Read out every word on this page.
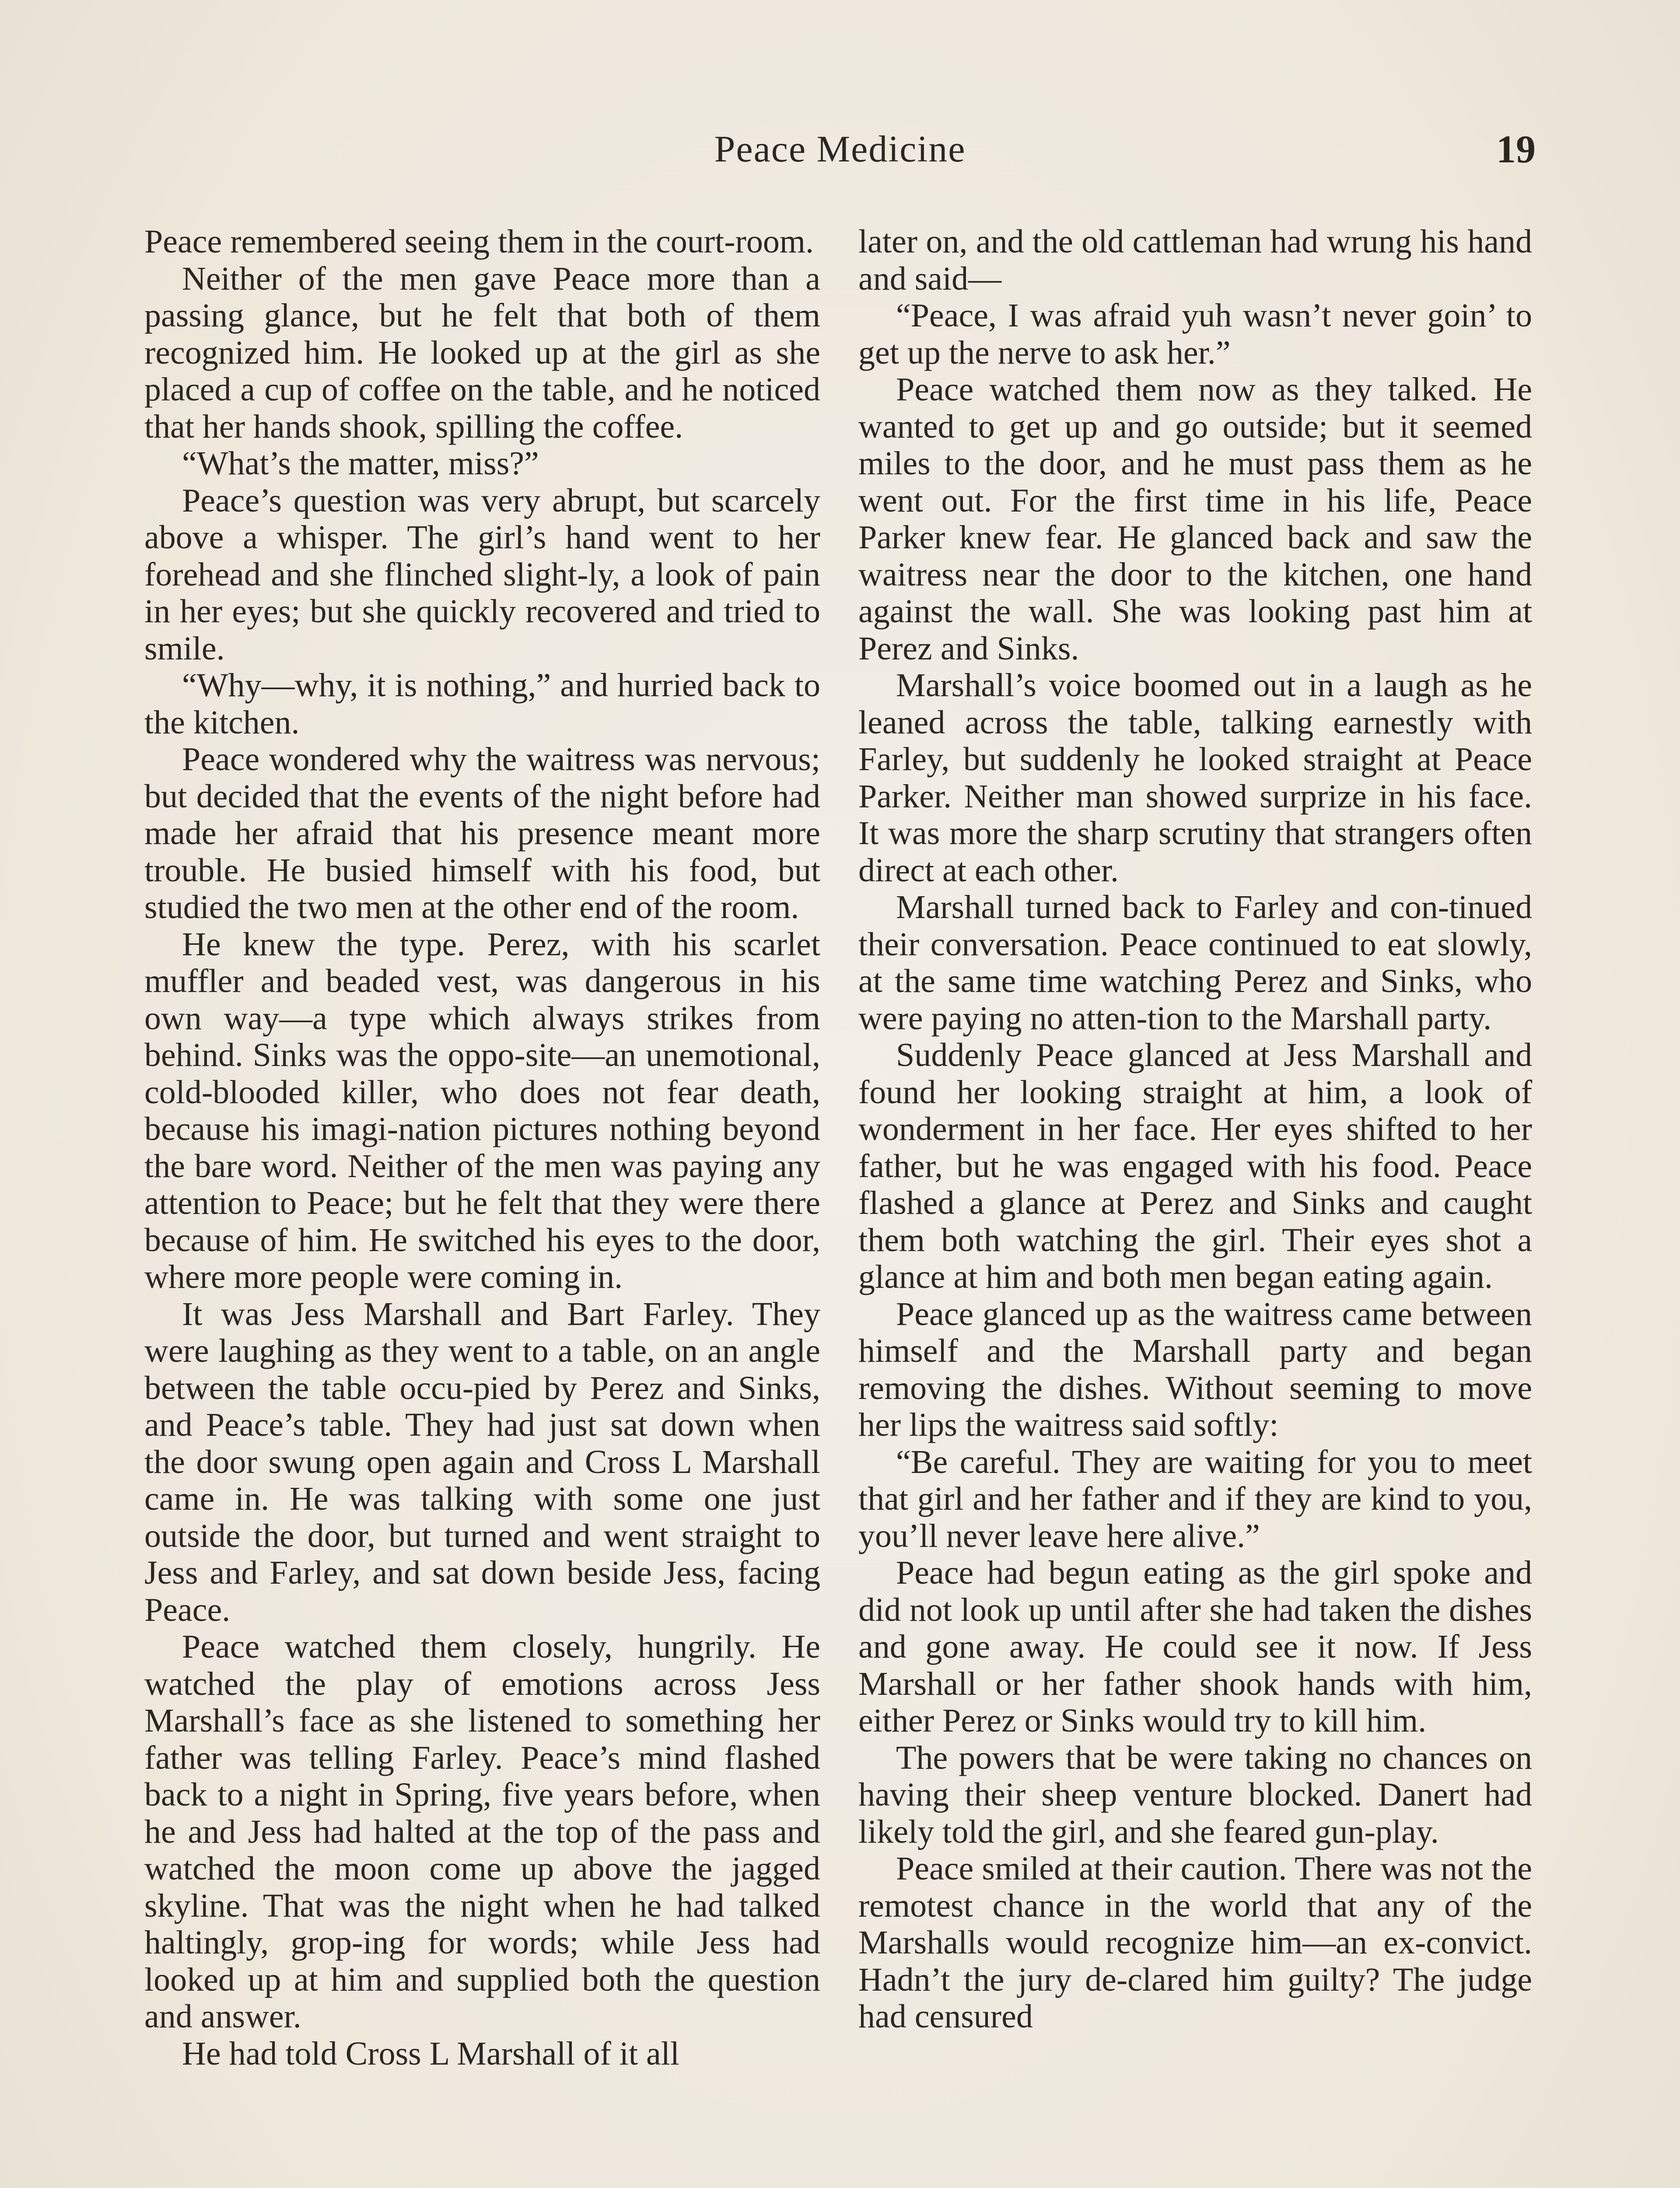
Peace Medicine	19

Peace remembered seeing them in the court-room.

Neither of the men gave Peace more than a passing glance, but he felt that both of them recognized him. He looked up at the girl as she placed a cup of coffee on the table, and he noticed that her hands shook, spilling the coffee.

“What’s the matter, miss?”

Peace’s question was very abrupt, but scarcely above a whisper. The girl’s hand went to her forehead and she flinched slight-ly, a look of pain in her eyes; but she quickly recovered and tried to smile.

“Why—why, it is nothing,” and hurried back to the kitchen.

Peace wondered why the waitress was nervous; but decided that the events of the night before had made her afraid that his presence meant more trouble. He busied himself with his food, but studied the two men at the other end of the room.

He knew the type. Perez, with his scarlet muffler and beaded vest, was dangerous in his own way—a type which always strikes from behind. Sinks was the oppo-site—an unemotional, cold-blooded killer, who does not fear death, because his imagi-nation pictures nothing beyond the bare word. Neither of the men was paying any attention to Peace; but he felt that they were there because of him. He switched his eyes to the door, where more people were coming in.

It was Jess Marshall and Bart Farley. They were laughing as they went to a table, on an angle between the table occu-pied by Perez and Sinks, and Peace’s table. They had just sat down when the door swung open again and Cross L Marshall came in. He was talking with some one just outside the door, but turned and went straight to Jess and Farley, and sat down beside Jess, facing Peace.

Peace watched them closely, hungrily. He watched the play of emotions across Jess Marshall’s face as she listened to something her father was telling Farley. Peace’s mind flashed back to a night in Spring, five years before, when he and Jess had halted at the top of the pass and watched the moon come up above the jagged skyline. That was the night when he had talked haltingly, grop-ing for words; while Jess had looked up at him and supplied both the question and answer.

He had told Cross L Marshall of it all

later on, and the old cattleman had wrung his hand and said—

“Peace, I was afraid yuh wasn’t never goin’ to get up the nerve to ask her.”

Peace watched them now as they talked. He wanted to get up and go outside; but it seemed miles to the door, and he must pass them as he went out. For the first time in his life, Peace Parker knew fear. He glanced back and saw the waitress near the door to the kitchen, one hand against the wall. She was looking past him at Perez and Sinks.

Marshall’s voice boomed out in a laugh as he leaned across the table, talking earnestly with Farley, but suddenly he looked straight at Peace Parker. Neither man showed surprize in his face. It was more the sharp scrutiny that strangers often direct at each other.

Marshall turned back to Farley and con-tinued their conversation. Peace continued to eat slowly, at the same time watching Perez and Sinks, who were paying no atten-tion to the Marshall party.

Suddenly Peace glanced at Jess Marshall and found her looking straight at him, a look of wonderment in her face. Her eyes shifted to her father, but he was engaged with his food. Peace flashed a glance at Perez and Sinks and caught them both watching the girl. Their eyes shot a glance at him and both men began eating again.

Peace glanced up as the waitress came between himself and the Marshall party and began removing the dishes. Without seeming to move her lips the waitress said softly:

“Be careful. They are waiting for you to meet that girl and her father and if they are kind to you, you’ll never leave here alive.”

Peace had begun eating as the girl spoke and did not look up until after she had taken the dishes and gone away. He could see it now. If Jess Marshall or her father shook hands with him, either Perez or Sinks would try to kill him.

The powers that be were taking no chances on having their sheep venture blocked. Danert had likely told the girl, and she feared gun-play.

Peace smiled at their caution. There was not the remotest chance in the world that any of the Marshalls would recognize him—an ex-convict. Hadn’t the jury de-clared him guilty? The judge had censured
